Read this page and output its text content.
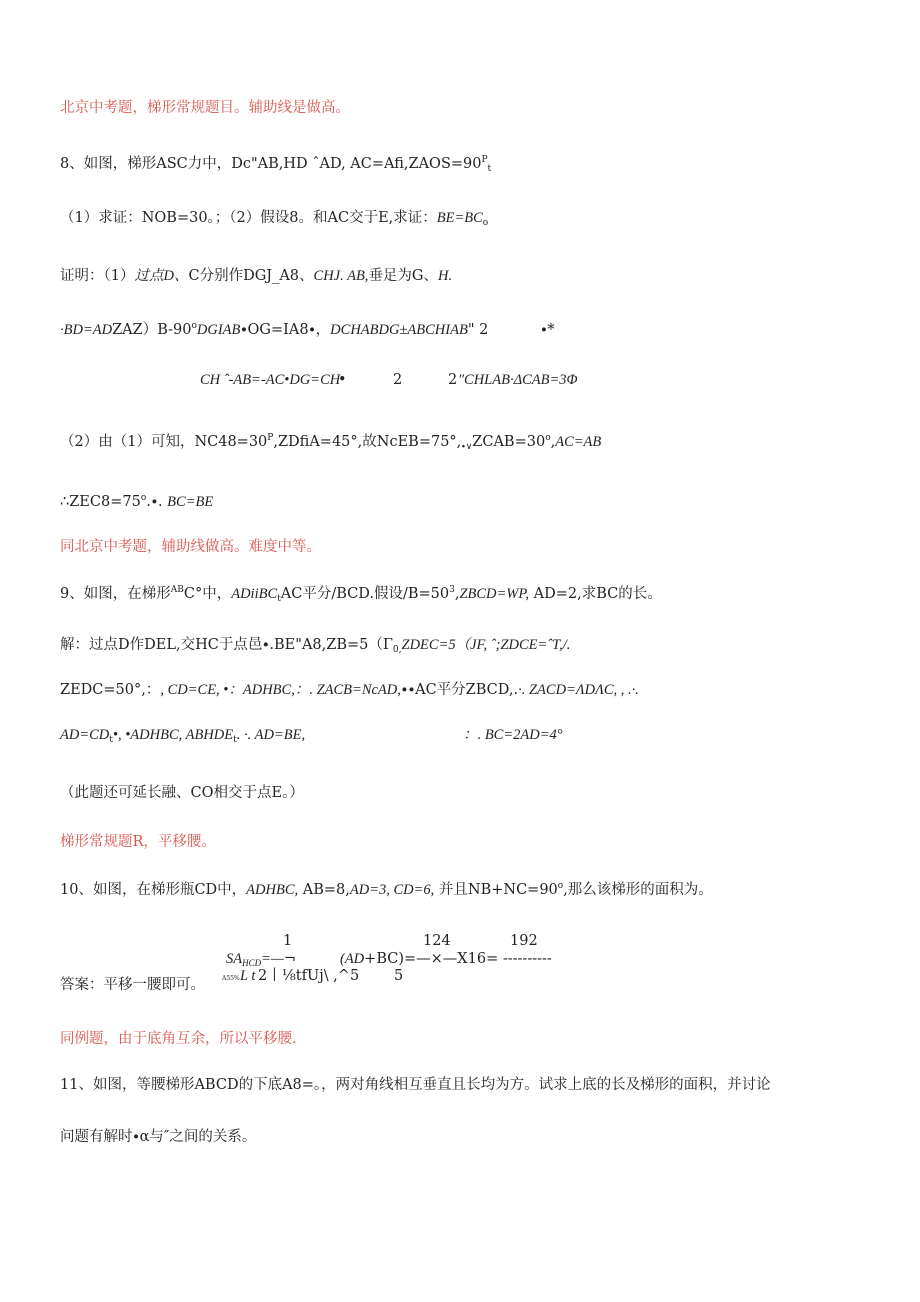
北京中考题，梯形常规题目。辅助线是做高。
8、如图，梯形ASC力中，Dc"AB,HD ˆAD, $AC=Afi,ZAOS=90^P_t$
（1）求证：NOB=30。；（2）假设8。和AC交于E,求证：$BE=BC_o$
证明：（1）过点D、C分别作DGJ_A8、CHJ. AB,垂足为G、H.
$\cdot BD=ADZAZ)B-90^oDGIAB\cdot OG=IA8\cdot$，DCHABDG±ABCHIAB" 2	∙*
CH ˆ-AB=-AC•DG=CH
•	2	2 ″CHLAB∙ΔCAB=3Φ
（2）由（1）可知，$NC48=30^P,ZDfiA=45^\circ$,故$NcEB=75^\circ,_{\cdot\vee}ZCAB=30^o,AC=AB$
$\therefore ZEC8=75^o.\cdot$. BC=BE
同北京中考题，辅助线做高。难度中等。
9、如图，在梯形$^{AB}$C°中，ADiiBC$_t$AC平分/BCD.假设$/B=50^3,ZBCD=WP$, AD=2,求BC的长。
解：过点D作DEL,交HC于点邑$\cdot.BE"A8,ZB=5(\Gamma_{0,}ZDEC=5(JF$, ˆ;ZDCE=ˆT,/.
ZEDC=50°,：, CD=CE, •：ADHBC,：. ZACB=NcAD,∙∙AC平分ZBCD,.∙. ZACD=ΛDΛC, , .∙.
$AD=CD_t•$, •ADHBC, $ABHDE_t$. ∙. AD=BE,	：. BC=2AD=4°
（此题还可延长融、CO相交于点E。）
梯形常规题R，平移腰。
10、如图，在梯形瓶CD中，ADHBC, AB=8,AD=3, CD=6, 并且$NB+NC=90^o$,那么该梯形的面积为。
1	124	192
$SA_{HCD}=—\neg$	(AD+BC)=—×—X16= ----------
答案：平移一腰即可。	A55% L t 2丨⅛tfUj\ ,^5 5
同例题，由于底角互余，所以平移腰.
11、如图，等腰梯形ABCD的下底A8=。，两对角线相互垂直且长均为方。试求上底的长及梯形的面积，并讨论
问题有解时∙α与″之间的关系。
